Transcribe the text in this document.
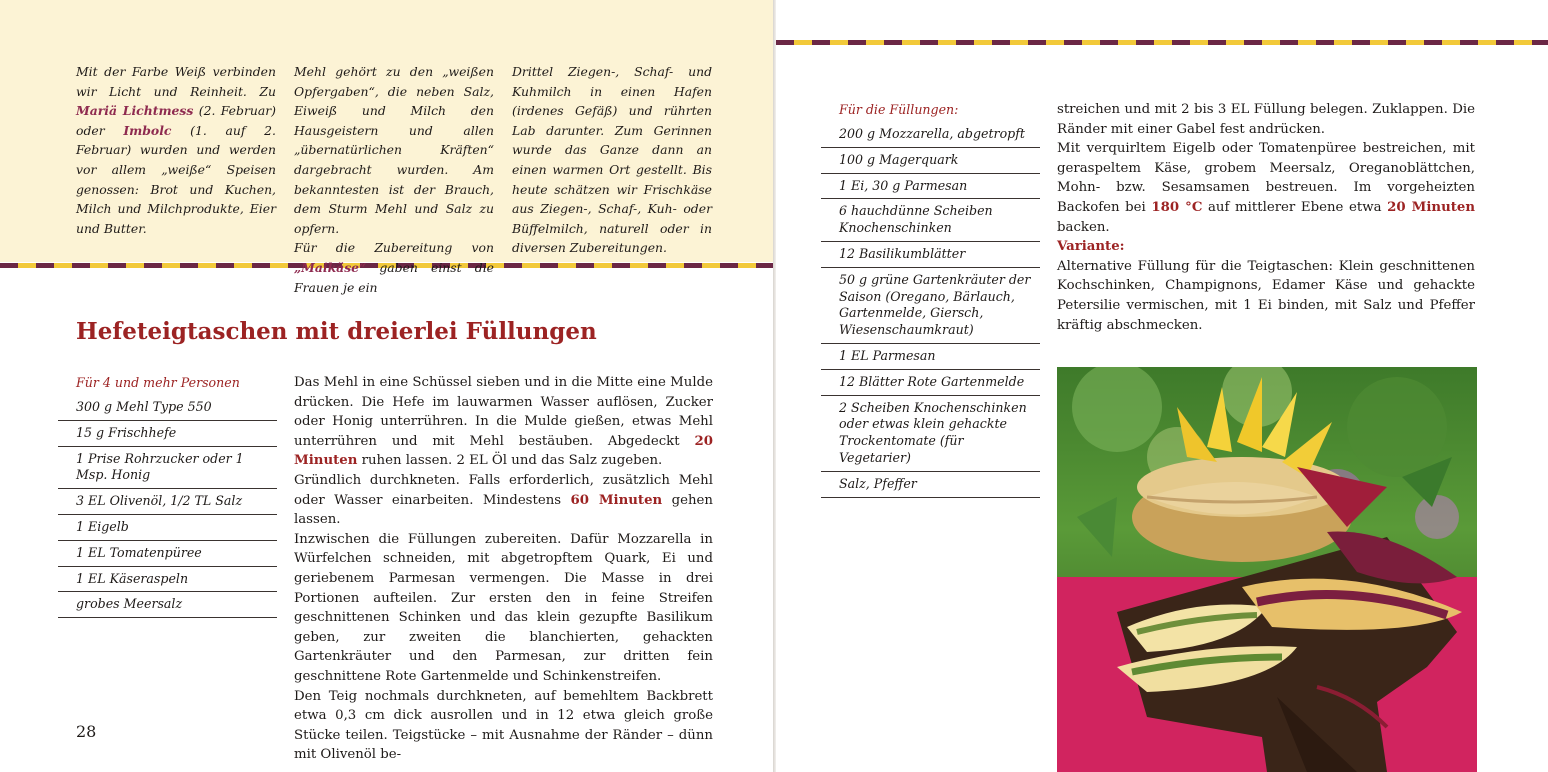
Mit der Farbe Weiß verbinden wir Licht und Reinheit. Zu Mariä Lichtmess (2. Februar) oder Imbolc (1. auf 2. Februar) wurden und werden vor allem „weiße“ Speisen genossen: Brot und Kuchen, Milch und Milchprodukte, Eier und Butter.
Mehl gehört zu den „weißen Opfergaben“, die neben Salz, Eiweiß und Milch den Hausgeistern und allen „übernatürlichen Kräften“ dargebracht wurden. Am bekanntesten ist der Brauch, dem Sturm Mehl und Salz zu opfern.
Für die Zubereitung von „Maikäse“ gaben einst die Frauen je ein
Drittel Ziegen-, Schaf- und Kuhmilch in einen Hafen (irdenes Gefäß) und rührten Lab darunter. Zum Gerinnen wurde das Ganze dann an einen warmen Ort gestellt. Bis heute schätzen wir Frischkäse aus Ziegen-, Schaf-, Kuh- oder Büffelmilch, naturell oder in diversen Zubereitungen.
Hefeteigtaschen mit dreierlei Füllungen
Für 4 und mehr Personen
300 g Mehl Type 550
15 g Frischhefe
1 Prise Rohrzucker oder 1 Msp. Honig
3 EL Olivenöl, 1/2 TL Salz
1 Eigelb
1 EL Tomatenpüree
1 EL Käseraspeln
grobes Meersalz

Das Mehl in eine Schüssel sieben und in die Mitte eine Mulde drücken. Die Hefe im lauwarmen Wasser auflösen, Zucker oder Honig unterrühren. In die Mulde gießen, etwas Mehl unterrühren und mit Mehl bestäuben. Abgedeckt 20 Minuten ruhen lassen. 2 EL Öl und das Salz zugeben.

Gründlich durchkneten. Falls erforderlich, zusätzlich Mehl oder Wasser einarbeiten. Mindestens 60 Minuten gehen lassen.

Inzwischen die Füllungen zubereiten. Dafür Mozzarella in Würfelchen schneiden, mit abgetropftem Quark, Ei und geriebenem Parmesan vermengen. Die Masse in drei Portionen aufteilen. Zur ersten den in feine Streifen geschnittenen Schinken und das klein gezupfte Basilikum geben, zur zweiten die blanchierten, gehackten Gartenkräuter und den Parmesan, zur dritten fein geschnittene Rote Gartenmelde und Schinkenstreifen.

Den Teig nochmals durchkneten, auf bemehltem Backbrett etwa 0,3 cm dick ausrollen und in 12 etwa gleich große Stücke teilen. Teigstücke – mit Ausnahme der Ränder – dünn mit Olivenöl be-

28
Für die Füllungen:
200 g Mozzarella, abgetropft
100 g Magerquark
1 Ei, 30 g Parmesan
6 hauchdünne Scheiben Knochenschinken
12 Basilikumblätter
50 g grüne Gartenkräuter der Saison (Oregano, Bärlauch, Gartenmelde, Giersch, Wiesenschaumkraut)
1 EL Parmesan
12 Blätter Rote Gartenmelde
2 Scheiben Knochenschinken oder etwas klein gehackte Trockentomate (für Vegetarier)
Salz, Pfeffer

streichen und mit 2 bis 3 EL Füllung belegen. Zuklappen. Die Ränder mit einer Gabel fest andrücken.

Mit verquirltem Eigelb oder Tomatenpüree bestreichen, mit geraspeltem Käse, grobem Meersalz, Oreganoblättchen, Mohn- bzw. Sesamsamen bestreuen. Im vorgeheizten Backofen bei 180 °C auf mittlerer Ebene etwa 20 Minuten backen.

Variante:

Alternative Füllung für die Teigtaschen: Klein geschnittenen Kochschinken, Champignons, Edamer Käse und gehackte Petersilie vermischen, mit 1 Ei binden, mit Salz und Pfeffer kräftig abschmecken.
